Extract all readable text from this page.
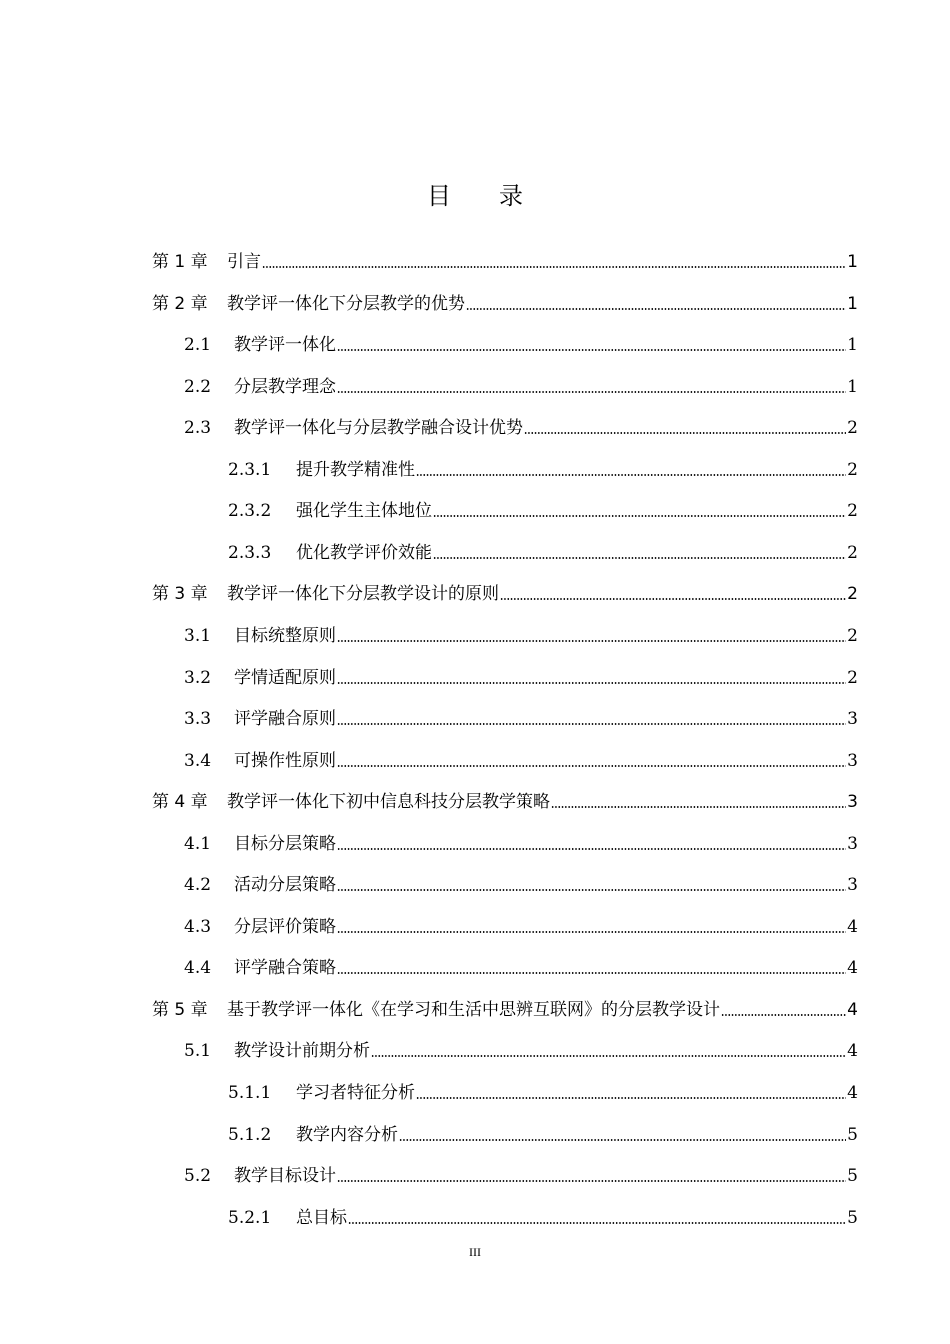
目 录
第 1 章	引言	1
第 2 章	教学评一体化下分层教学的优势	1
2.1	教学评一体化	1
2.2	分层教学理念	1
2.3	教学评一体化与分层教学融合设计优势	2
2.3.1	提升教学精准性	2
2.3.2	强化学生主体地位	2
2.3.3	优化教学评价效能	2
第 3 章	教学评一体化下分层教学设计的原则	2
3.1	目标统整原则	2
3.2	学情适配原则	2
3.3	评学融合原则	3
3.4	可操作性原则	3
第 4 章	教学评一体化下初中信息科技分层教学策略	3
4.1	目标分层策略	3
4.2	活动分层策略	3
4.3	分层评价策略	4
4.4	评学融合策略	4
第 5 章	基于教学评一体化《在学习和生活中思辨互联网》的分层教学设计	4
5.1	教学设计前期分析	4
5.1.1	学习者特征分析	4
5.1.2	教学内容分析	5
5.2	教学目标设计	5
5.2.1	总目标	5
III
